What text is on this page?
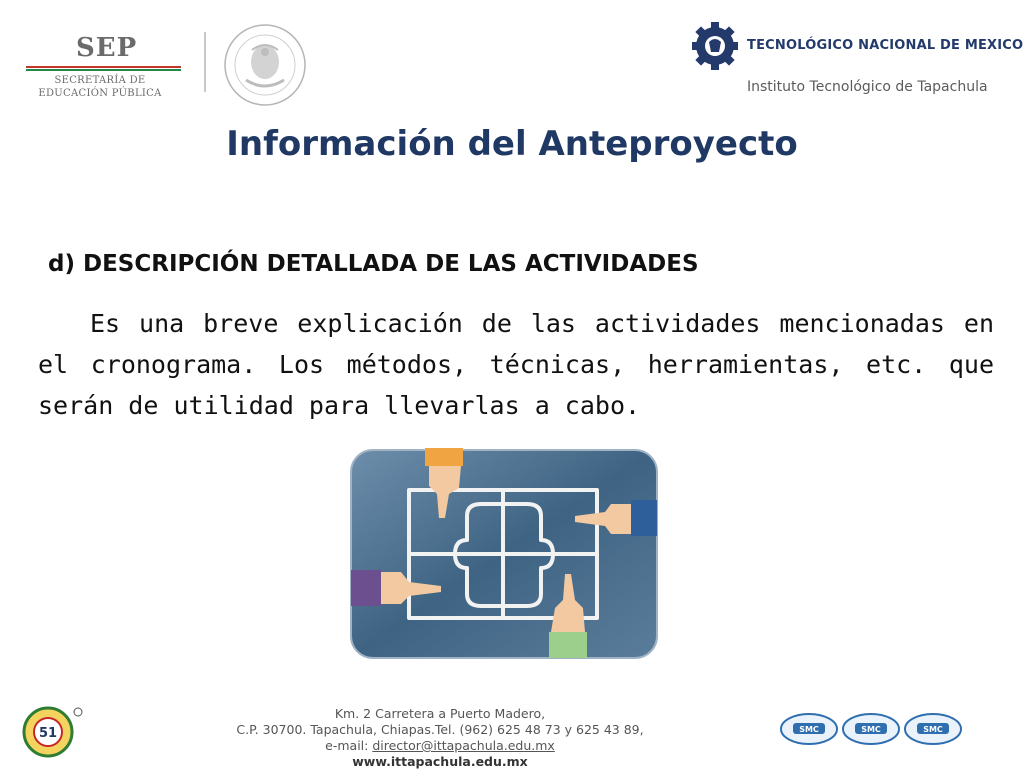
SEP
SECRETARÍA DE
EDUCACIÓN PÚBLICA
TECNOLÓGICO NACIONAL DE MEXICO
Instituto Tecnológico de Tapachula
Información del Anteproyecto
d) DESCRIPCIÓN DETALLADA DE LAS ACTIVIDADES
Es una breve explicación de las actividades mencionadas en el cronograma. Los métodos, técnicas, herramientas, etc. que serán de utilidad para llevarlas a cabo.
51
Km. 2 Carretera a Puerto Madero,
C.P. 30700. Tapachula, Chiapas.Tel. (962) 625 48 73 y 625 43 89,
e-mail: director@ittapachula.edu.mx
www.ittapachula.edu.mx
SMC	SMC	SMC
